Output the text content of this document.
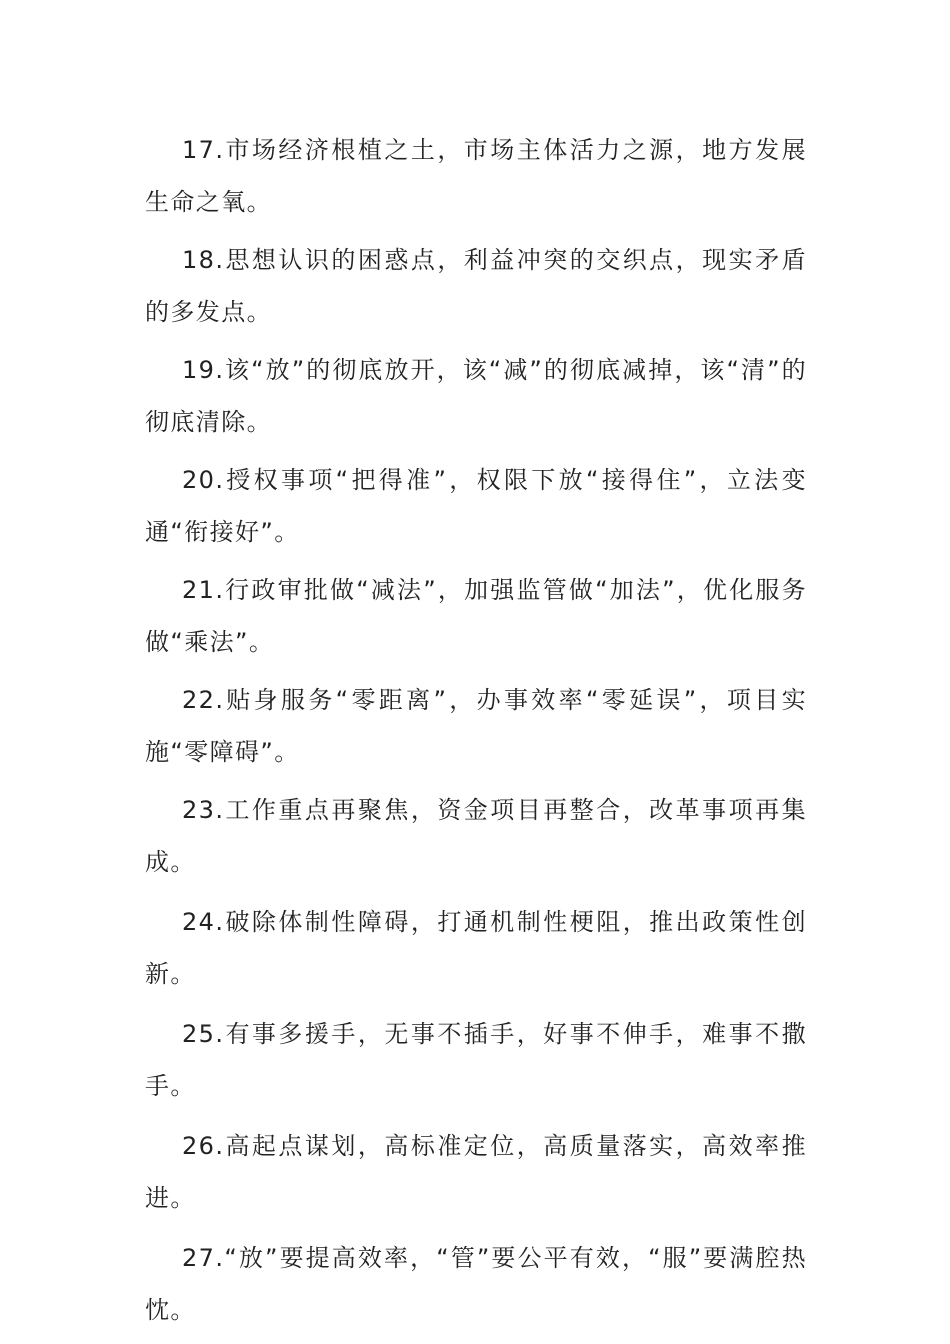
17.市场经济根植之土，市场主体活力之源，地方发展生命之氧。

18.思想认识的困惑点，利益冲突的交织点，现实矛盾的多发点。

19.该“放”的彻底放开，该“减”的彻底减掉，该“清”的彻底清除。

20.授权事项“把得准”，权限下放“接得住”，立法变通“衔接好”。

21.行政审批做“减法”，加强监管做“加法”，优化服务做“乘法”。

22.贴身服务“零距离”，办事效率“零延误”，项目实施“零障碍”。

23.工作重点再聚焦，资金项目再整合，改革事项再集成。

24.破除体制性障碍，打通机制性梗阻，推出政策性创新。

25.有事多援手，无事不插手，好事不伸手，难事不撒手。

26.高起点谋划，高标准定位，高质量落实，高效率推进。

27.“放”要提高效率，“管”要公平有效，“服”要满腔热忱。
